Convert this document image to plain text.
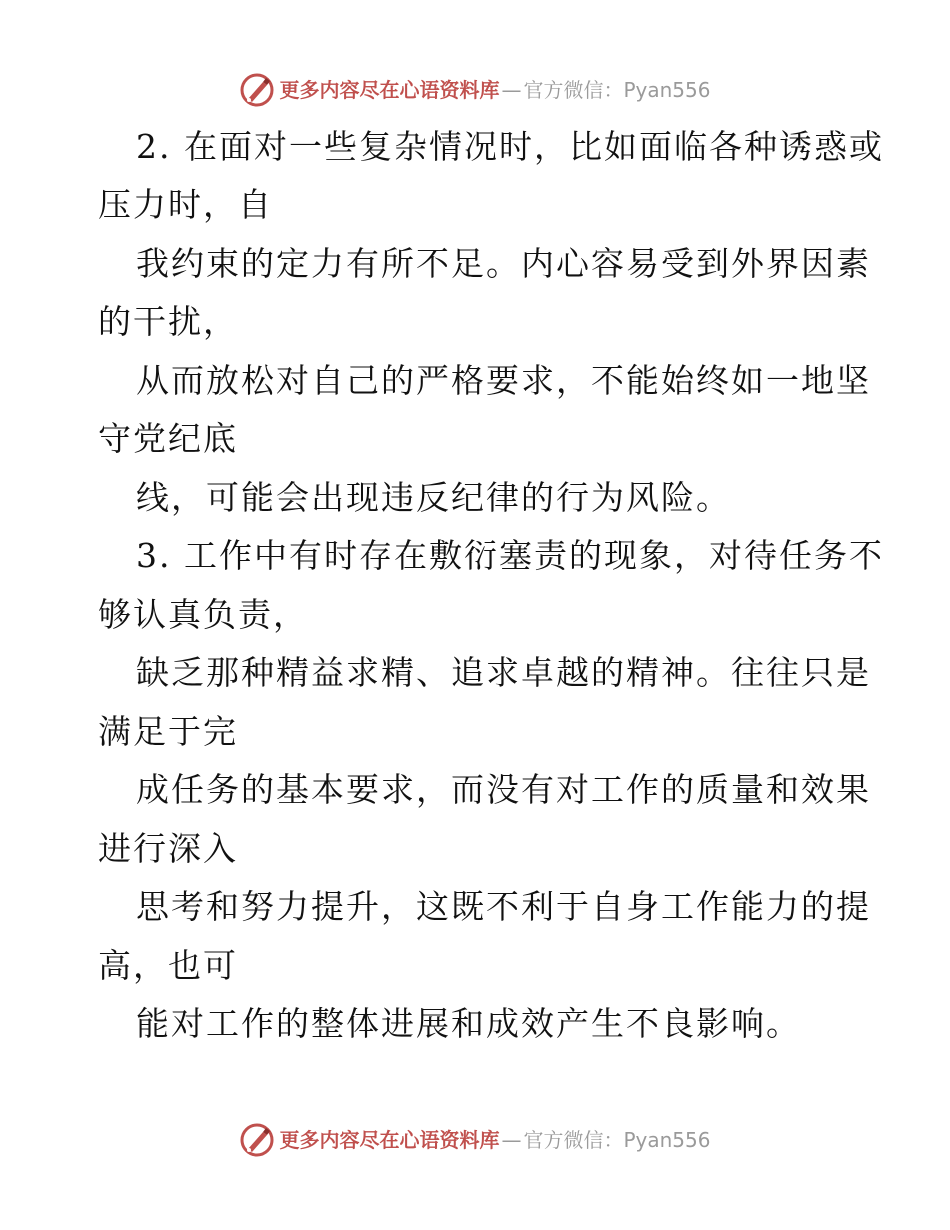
更多内容尽在心语资料库 — 官方微信：Pyan556
2. 在面对一些复杂情况时，比如面临各种诱惑或
压力时，自
我约束的定力有所不足。内心容易受到外界因素
的干扰，
从而放松对自己的严格要求，不能始终如一地坚
守党纪底
线，可能会出现违反纪律的行为风险。
3. 工作中有时存在敷衍塞责的现象，对待任务不
够认真负责，
缺乏那种精益求精、追求卓越的精神。往往只是
满足于完
成任务的基本要求，而没有对工作的质量和效果
进行深入
思考和努力提升，这既不利于自身工作能力的提
高，也可
能对工作的整体进展和成效产生不良影响。
更多内容尽在心语资料库 — 官方微信：Pyan556
